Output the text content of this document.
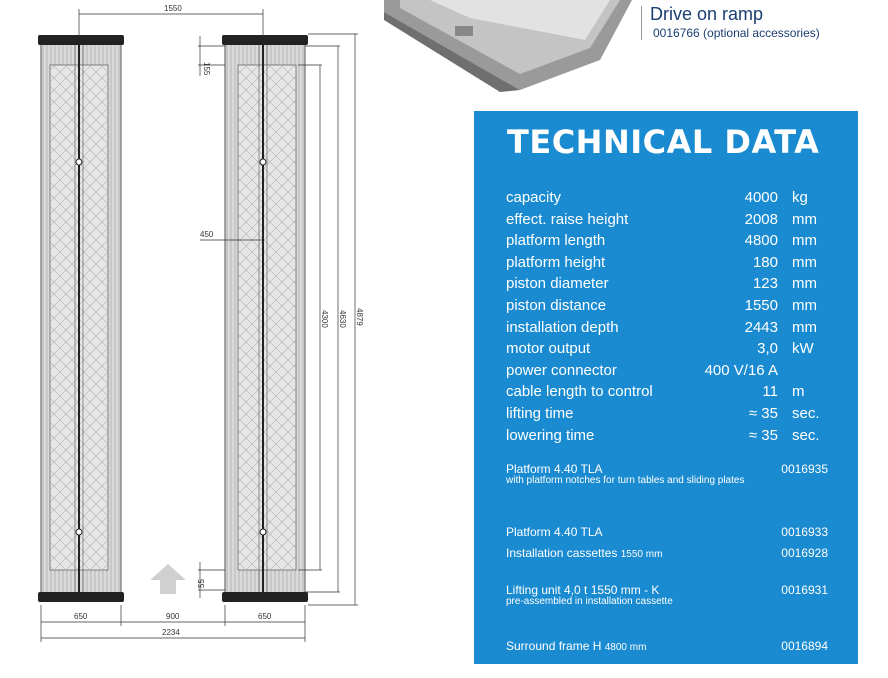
1550
155
450
55
4300 4630 4879
650	900	650
2234
Drive on ramp
0016766 (optional accessories)
TECHNICAL DATA
capacity	4000 kg
effect. raise height	2008 mm
platform length	4800 mm
platform height	180 mm
piston diameter	123 mm
piston distance	1550 mm
installation depth	2443 mm
motor output	3,0 kW
power connector	400 V/16 A
cable length to control	11 m
lifting time	≈ 35 sec.
lowering time	≈ 35 sec.
Platform 4.40 TLA
with platform notches for turn tables and sliding plates
0016935
Platform 4.40 TLA	0016933
Installation cassettes 1550 mm	0016928
Lifting unit 4,0 t 1550 mm - K
pre-assembled in installation cassette
0016931
Surround frame H 4800 mm	0016894
